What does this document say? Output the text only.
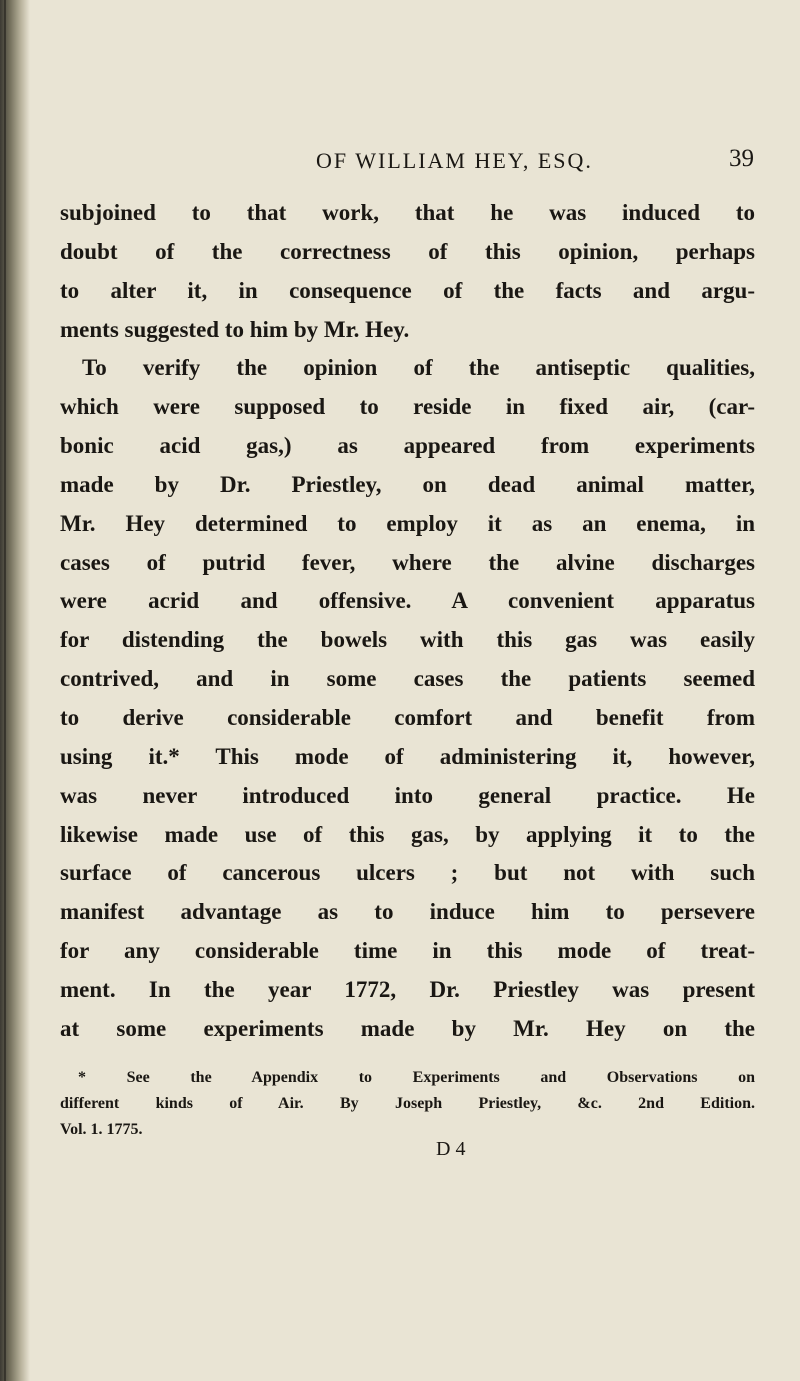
OF WILLIAM HEY, ESQ.	39
subjoined to that work, that he was induced to
doubt of the correctness of this opinion, perhaps
to alter it, in consequence of the facts and argu-
ments suggested to him by Mr. Hey.
To verify the opinion of the antiseptic qualities,
which were supposed to reside in fixed air, (car-
bonic acid gas,) as appeared from experiments
made by Dr. Priestley, on dead animal matter,
Mr. Hey determined to employ it as an enema, in
cases of putrid fever, where the alvine discharges
were acrid and offensive. A convenient apparatus
for distending the bowels with this gas was easily
contrived, and in some cases the patients seemed
to derive considerable comfort and benefit from
using it.* This mode of administering it, however,
was never introduced into general practice. He
likewise made use of this gas, by applying it to the
surface of cancerous ulcers ; but not with such
manifest advantage as to induce him to persevere
for any considerable time in this mode of treat-
ment. In the year 1772, Dr. Priestley was present
at some experiments made by Mr. Hey on the
* See the Appendix to Experiments and Observations on
different kinds of Air. By Joseph Priestley, &c. 2nd Edition.
Vol. 1. 1775.
D 4
